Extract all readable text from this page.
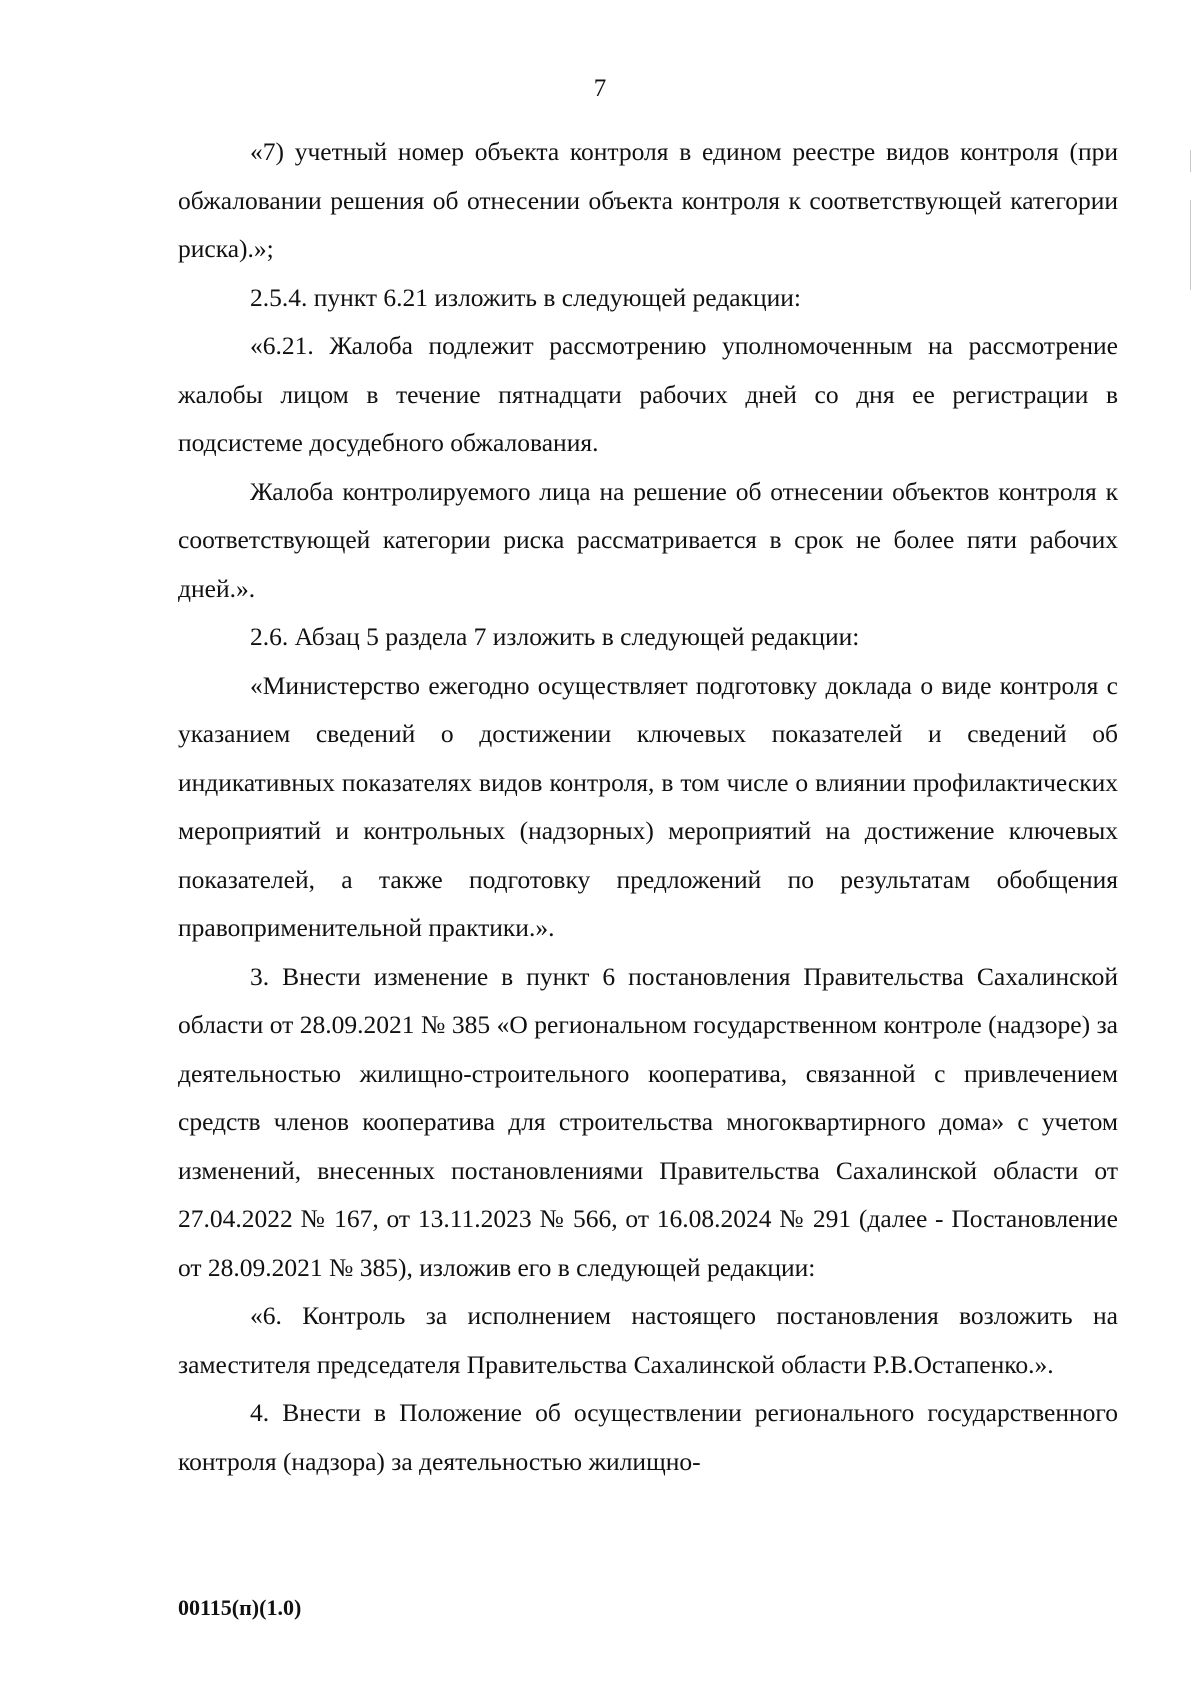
7

«7) учетный номер объекта контроля в едином реестре видов контроля (при обжаловании решения об отнесении объекта контроля к соответствующей категории риска).»;

2.5.4. пункт 6.21 изложить в следующей редакции:

«6.21. Жалоба подлежит рассмотрению уполномоченным на рассмотрение жалобы лицом в течение пятнадцати рабочих дней со дня ее регистрации в подсистеме досудебного обжалования.

Жалоба контролируемого лица на решение об отнесении объектов контроля к соответствующей категории риска рассматривается в срок не более пяти рабочих дней.».

2.6. Абзац 5 раздела 7 изложить в следующей редакции:

«Министерство ежегодно осуществляет подготовку доклада о виде контроля с указанием сведений о достижении ключевых показателей и сведений об индикативных показателях видов контроля, в том числе о влиянии профилактических мероприятий и контрольных (надзорных) мероприятий на достижение ключевых показателей, а также подготовку предложений по результатам обобщения правоприменительной практики.».

3. Внести изменение в пункт 6 постановления Правительства Сахалинской области от 28.09.2021 № 385 «О региональном государственном контроле (надзоре) за деятельностью жилищно-строительного кооператива, связанной с привлечением средств членов кооператива для строительства многоквартирного дома» с учетом изменений, внесенных постановлениями Правительства Сахалинской области от 27.04.2022 № 167, от 13.11.2023 № 566, от 16.08.2024 № 291 (далее - Постановление от 28.09.2021 № 385), изложив его в следующей редакции:

«6. Контроль за исполнением настоящего постановления возложить на заместителя председателя Правительства Сахалинской области Р.В.Остапенко.».

4. Внести в Положение об осуществлении регионального государственного контроля (надзора) за деятельностью жилищно-

00115(п)(1.0)
